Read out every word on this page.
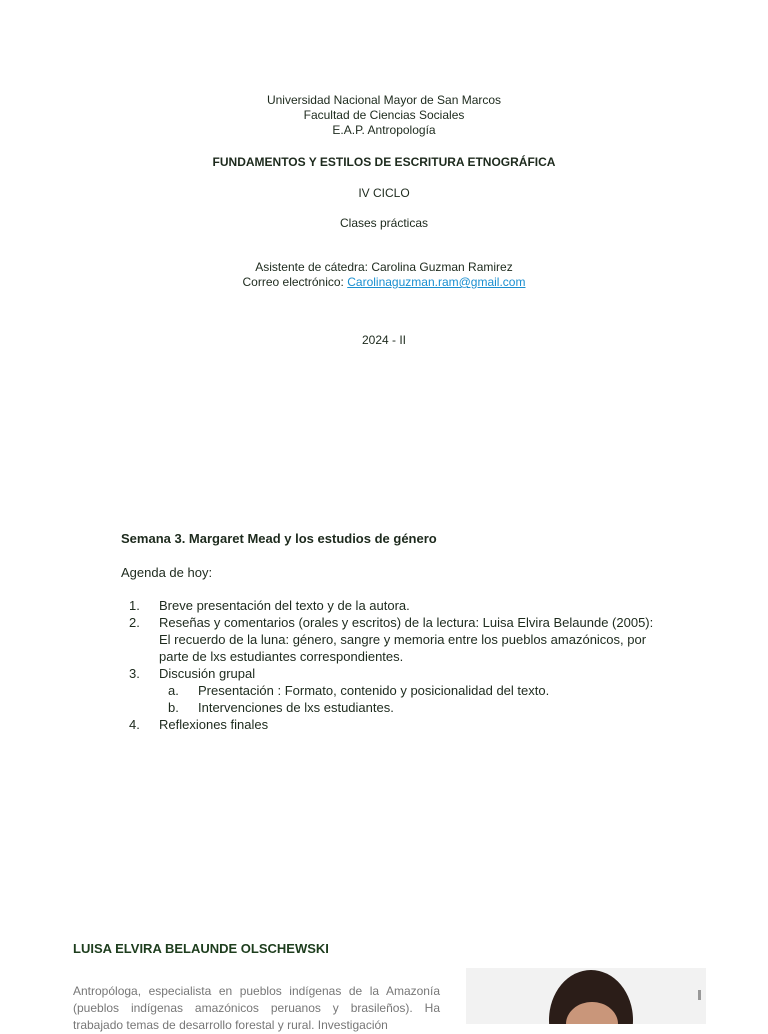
Universidad Nacional Mayor de San Marcos
Facultad de Ciencias Sociales
E.A.P. Antropología
FUNDAMENTOS Y ESTILOS DE ESCRITURA ETNOGRÁFICA
IV CICLO
Clases prácticas
Asistente de cátedra: Carolina Guzman Ramirez
Correo electrónico: Carolinaguzman.ram@gmail.com
2024 - II
Semana 3. Margaret Mead y los estudios de género
Agenda de hoy:
1. Breve presentación del texto y de la autora.
2. Reseñas y comentarios (orales y escritos) de la lectura: Luisa Elvira Belaunde (2005): El recuerdo de la luna: género, sangre y memoria entre los pueblos amazónicos, por parte de lxs estudiantes correspondientes.
3. Discusión grupal
a. Presentación : Formato, contenido y posicionalidad del texto.
b. Intervenciones de lxs estudiantes.
4. Reflexiones finales
LUISA ELVIRA BELAUNDE OLSCHEWSKI
Antropóloga, especialista en pueblos indígenas de la Amazonía (pueblos indígenas amazónicos peruanos y brasileños). Ha trabajado temas de desarrollo forestal y rural. Investigación
